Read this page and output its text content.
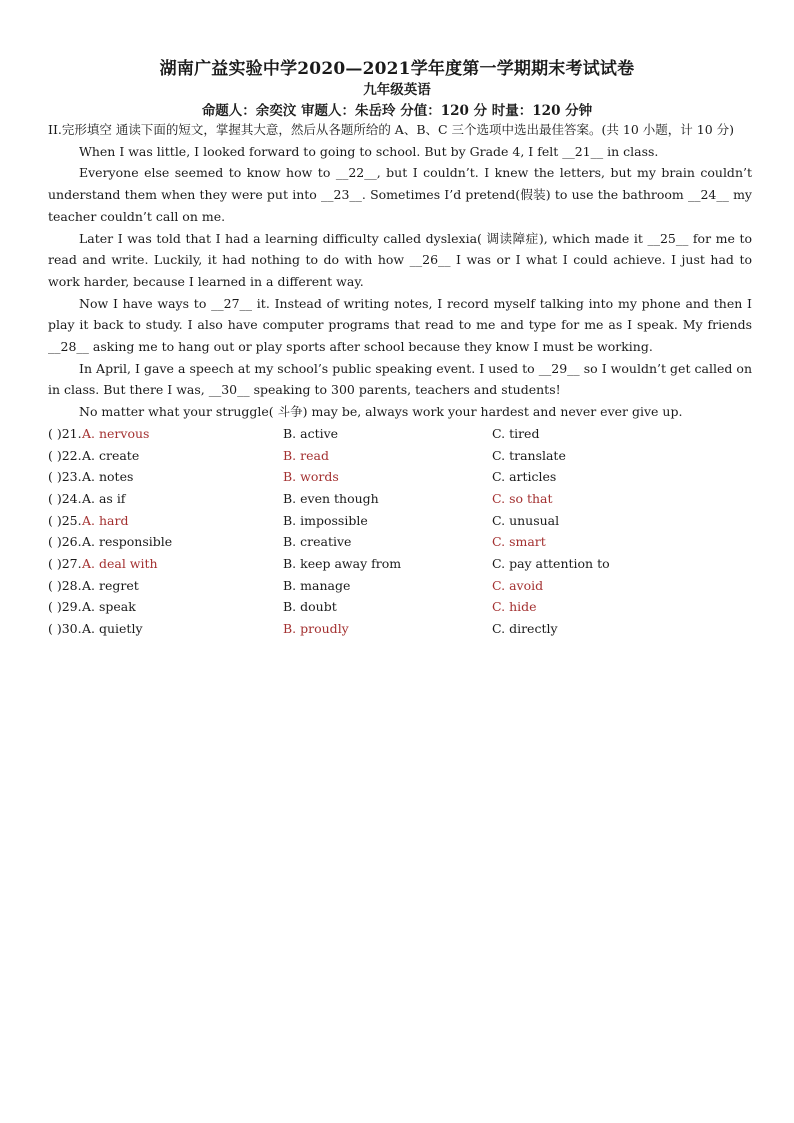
湖南广益实验中学2020—2021学年度第一学期期末考试试卷
九年级英语
命题人：余奕汶 审题人：朱岳玲 分值：120 分 时量：120 分钟

II.完形填空 通读下面的短文，掌握其大意，然后从各题所给的 A、B、C 三个选项中选出最佳答案。(共 10 小题，计 10 分)

When I was little, I looked forward to going to school. But by Grade 4, I felt __21__ in class.

Everyone else seemed to know how to __22__, but I couldn’t. I knew the letters, but my brain couldn’t understand them when they were put into __23__. Sometimes I’d pretend(假装) to use the bathroom __24__ my teacher couldn’t call on me.

Later I was told that I had a learning difficulty called dyslexia( 调读障症), which made it __25__ for me to read and write. Luckily, it had nothing to do with how __26__ I was or I what I could achieve. I just had to work harder, because I learned in a different way.

Now I have ways to __27__ it. Instead of writing notes, I record myself talking into my phone and then I play it back to study. I also have computer programs that read to me and type for me as I speak. My friends __28__ asking me to hang out or play sports after school because they know I must be working.

In April, I gave a speech at my school’s public speaking event. I used to __29__ so I wouldn’t get called on in class. But there I was, __30__ speaking to 300 parents, teachers and students!

No matter what your struggle( 斗争) may be, always work your hardest and never ever give up.

( )21. A. nervous	B. active	C. tired
( )22. A. create	B. read	C. translate
( )23. A. notes	B. words	C. articles
( )24. A. as if	B. even though	C. so that
( )25. A. hard	B. impossible	C. unusual
( )26. A. responsible	B. creative	C. smart
( )27. A. deal with	B. keep away from	C. pay attention to
( )28. A. regret	B. manage	C. avoid
( )29. A. speak	B. doubt	C. hide
( )30. A. quietly	B. proudly	C. directly
